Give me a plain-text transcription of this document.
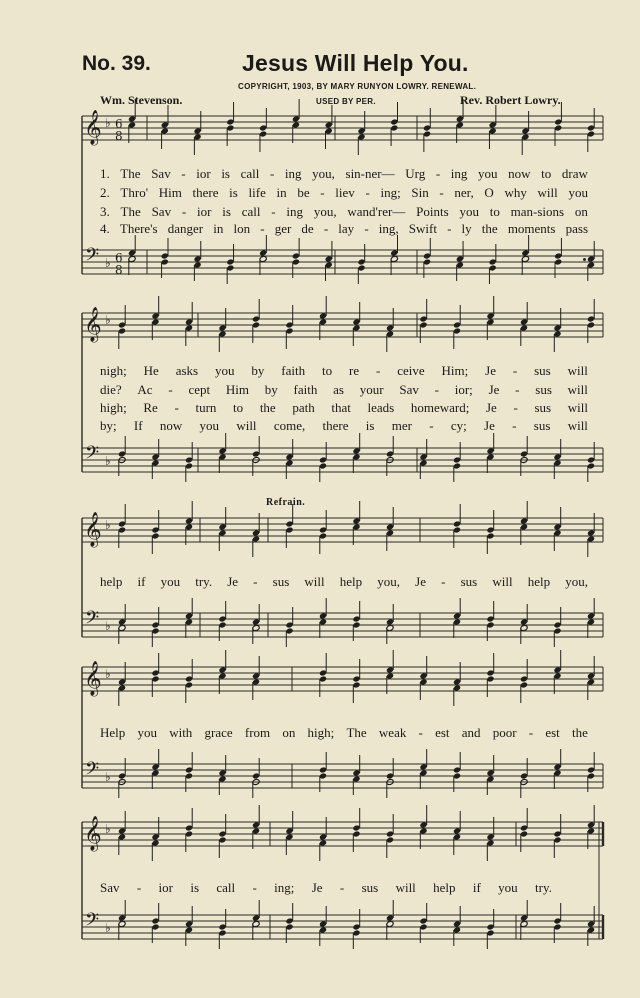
No. 39.	Jesus Will Help You.
COPYRIGHT, 1903, BY MARY RUNYON LOWRY. RENEWAL.
USED BY PER.
Wm. Stevenson.	Rev. Robert Lowry.
Refrain.
𝄞
𝄢
♭
♭
6
8
6
8
𝄞
𝄢
♭
♭
𝄞
𝄢
♭
♭
𝄞
𝄢
♭
♭
𝄞
𝄢
♭
♭
1. The Sav - ior is call - ing you, sin-ner— Urg - ing you now to draw
2. Thro' Him there is life in be - liev - ing; Sin - ner, O why will you
3. The Sav - ior is call - ing you, wand'rer— Points you to man-sions on
4. There's danger in lon - ger de - lay - ing, Swift - ly the moments pass
nigh; He asks you by faith to re - ceive Him; Je - sus will
die? Ac - cept Him by faith as your Sav - ior; Je - sus will
high; Re - turn to the path that leads homeward; Je - sus will
by; If now you will come, there is mer - cy; Je - sus will
help if you try. Je - sus will help you, Je - sus will help you,
Help you with grace from on high; The weak - est and poor - est the
Sav - ior is call - ing; Je - sus will help if you try.
